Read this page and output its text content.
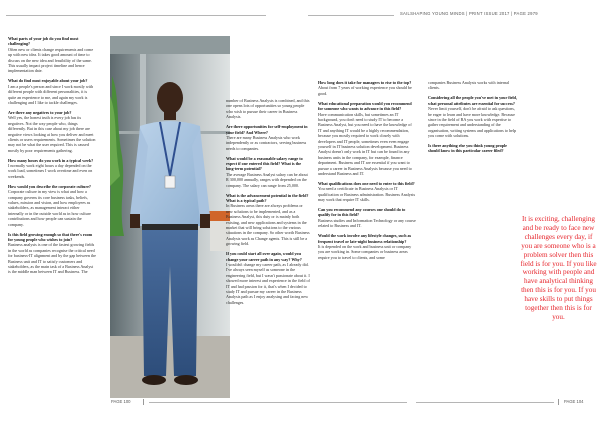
SAILSHAPING YOUNG MINDS | PRINT ISSUE 2017 | PAGE 2979

What parts of your job do you find most challenging?
Often new or clients change requirements and come up with new idea. It takes good amount of time to discuss on the new idea and feasibility of the same. This usually impact project timeline and hence implementation date.

What do find most enjoyable about your job?
I am a people's person and since I work mostly with different people with different personalities, it is quite an experience to me, and again my work is challenging and I like to tackle challenges.

Are there any negatives to your job?
Well yes, the honest truth is every job has its negatives. Not the way people who, things differently. But in this case about my job there are negative views looking at how you deliver and meet clients or users requirements. Sometimes the solution may not be what the user required. This is caused mostly by poor requirements gathering.

How many hours do you work in a typical week?
I normally work eight hours a day depended on the work load, sometimes I work overtime and even on weekends.

How would you describe the corporate culture?
Corporate culture in my view is what and how a company governs its core business tasks, beliefs, values, mission and vision, and how employees as stakeholders, as management interact either internally or in the outside world as in how culture contributions and how people can sustain the company.

Is this field growing enough so that there's room for young people who wishes to join?
Business analysis is one of the fastest growing fields in the world as companies recognise the critical need for business-IT alignment and by the gap between the Business unit and IT to satisfy customers and stakeholders, as the main task of a Business Analyst is the middle man between IT and Business. The

number of Business Analysts is combined, and this one opens lots of opportunities so young people who wish to pursue their career in Business Analysis.

Are there opportunities for self-employment in your field? And Where?
There are many Business Analysts who work independently or as contractors, serving business needs to companies.

What would be a reasonable salary range to expect if one entered this field? What is the long-term potential?
The average Business Analyst salary can be about R 300,000 annually, ranges with depended on the company. The salary can range from 25,000.

What is the advancement potential in the field? What is a typical path?
In Business areas there are always problems or new solutions to be implemented, and as a Business Analyst, this duty or is mainly both existing, and new applications and systems in the market that will bring solutions to the various situations in the company. So other worth Business Analysts work as Change agents. This is still be a growing field.

If you could start all over again, would you change your career path in any way? Why?
I wouldn't change my career path, as I already did. I've always seen myself as someone in the engineering field, but I wasn't passionate about it. I showed more interest and experience in the field of IT and had passion for it, that's when I decided to study IT and pursue my career in the Business Analysis path as I enjoy analysing and facing new challenges.

How long does it take for managers to rise to the top?
About from 7 years of working experience you should be good.

What educational preparation would you recommend for someone who wants to advance in this field?
Have communication skills, but sometimes an IT background, you don't need to study IT to become a Business Analyst, but you need to have the knowledge of IT and anything IT would be a highly recommendation, because you mostly required to work closely with developers and IT people, sometimes even even engage yourself in IT business solution development. Business Analyst doesn't only work in IT but can be found in any business units in the company, for example, finance department. Business and IT are essential if you want to pursue a career in Business Analysis because you need to understand Business and IT.

What qualifications does one need to enter to this field?
You need a certificate in Business Analysis or IT qualification or Business administration. Business Analysts may work that require IT skills.

Can you recommend any courses one should do to qualify for in this field?
Business studies and Information Technology or any course related to Business and IT.

Would the work involve any lifestyle changes, such as frequent travel or late-night business relationship?
It is depended on the work and business unit or company you are working in. Some companies or business areas require you to travel to clients, and some

companies Business Analysts works with internal clients.

Considering all the people you've met in your field, what personal attributes are essential for success?
Never limit yourself, don't be afraid to ask questions, be eager to learn and have more knowledge. Because since in the field of BA you work with expertise to gather requirement and understanding of the organisation, writing systems and applications to help you come with solutions.

Is there anything else you think young people should know in this particular career filed?

It is exciting, challenging and be ready to face new challenges every day, if you are someone who is a problem solver then this field is for you. If you like working with people and have analytical thinking then this is for you. If you have skills to put things together then this is for you.
PAGE 100	PAGE 104
